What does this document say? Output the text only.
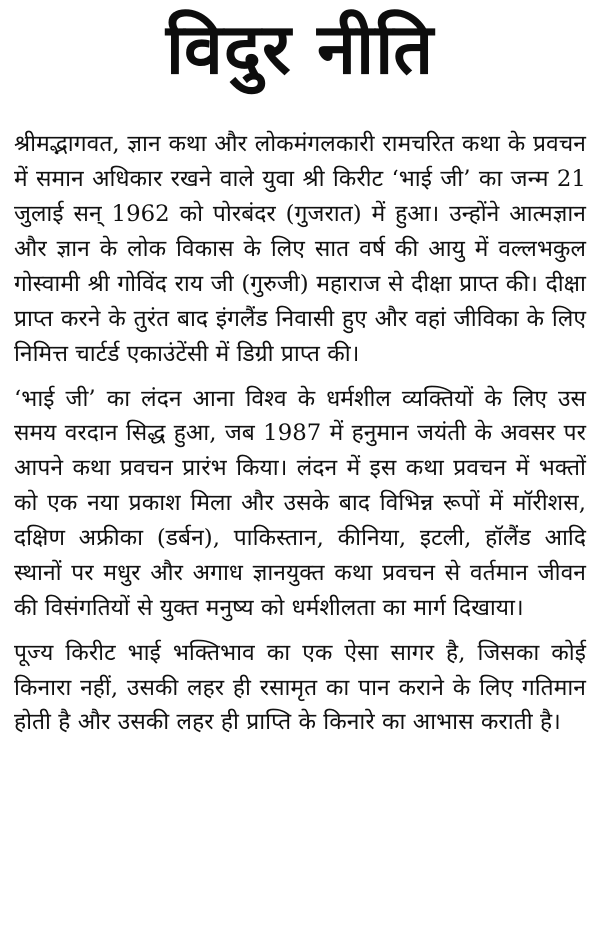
विदुर नीति

श्रीमद्भागवत, ज्ञान कथा और लोकमंगलकारी रामचरित कथा के प्रवचन में समान अधिकार रखने वाले युवा श्री किरीट ‘भाई जी’ का जन्म 21 जुलाई सन् 1962 को पोरबंदर (गुजरात) में हुआ। उन्होंने आत्मज्ञान और ज्ञान के लोक विकास के लिए सात वर्ष की आयु में वल्लभकुल गोस्वामी श्री गोविंद राय जी (गुरुजी) महाराज से दीक्षा प्राप्त की। दीक्षा प्राप्त करने के तुरंत बाद इंगलैंड निवासी हुए और वहां जीविका के लिए निमित्त चार्टर्ड एकाउंटेंसी में डिग्री प्राप्त की।

‘भाई जी’ का लंदन आना विश्व के धर्मशील व्यक्तियों के लिए उस समय वरदान सिद्ध हुआ, जब 1987 में हनुमान जयंती के अवसर पर आपने कथा प्रवचन प्रारंभ किया। लंदन में इस कथा प्रवचन में भक्तों को एक नया प्रकाश मिला और उसके बाद विभिन्न रूपों में मॉरीशस, दक्षिण अफ्रीका (डर्बन), पाकिस्तान, कीनिया, इटली, हॉलैंड आदि स्थानों पर मधुर और अगाध ज्ञानयुक्त कथा प्रवचन से वर्तमान जीवन की विसंगतियों से युक्त मनुष्य को धर्मशीलता का मार्ग दिखाया।

पूज्य किरीट भाई भक्तिभाव का एक ऐसा सागर है, जिसका कोई किनारा नहीं, उसकी लहर ही रसामृत का पान कराने के लिए गतिमान होती है और उसकी लहर ही प्राप्ति के किनारे का आभास कराती है।
